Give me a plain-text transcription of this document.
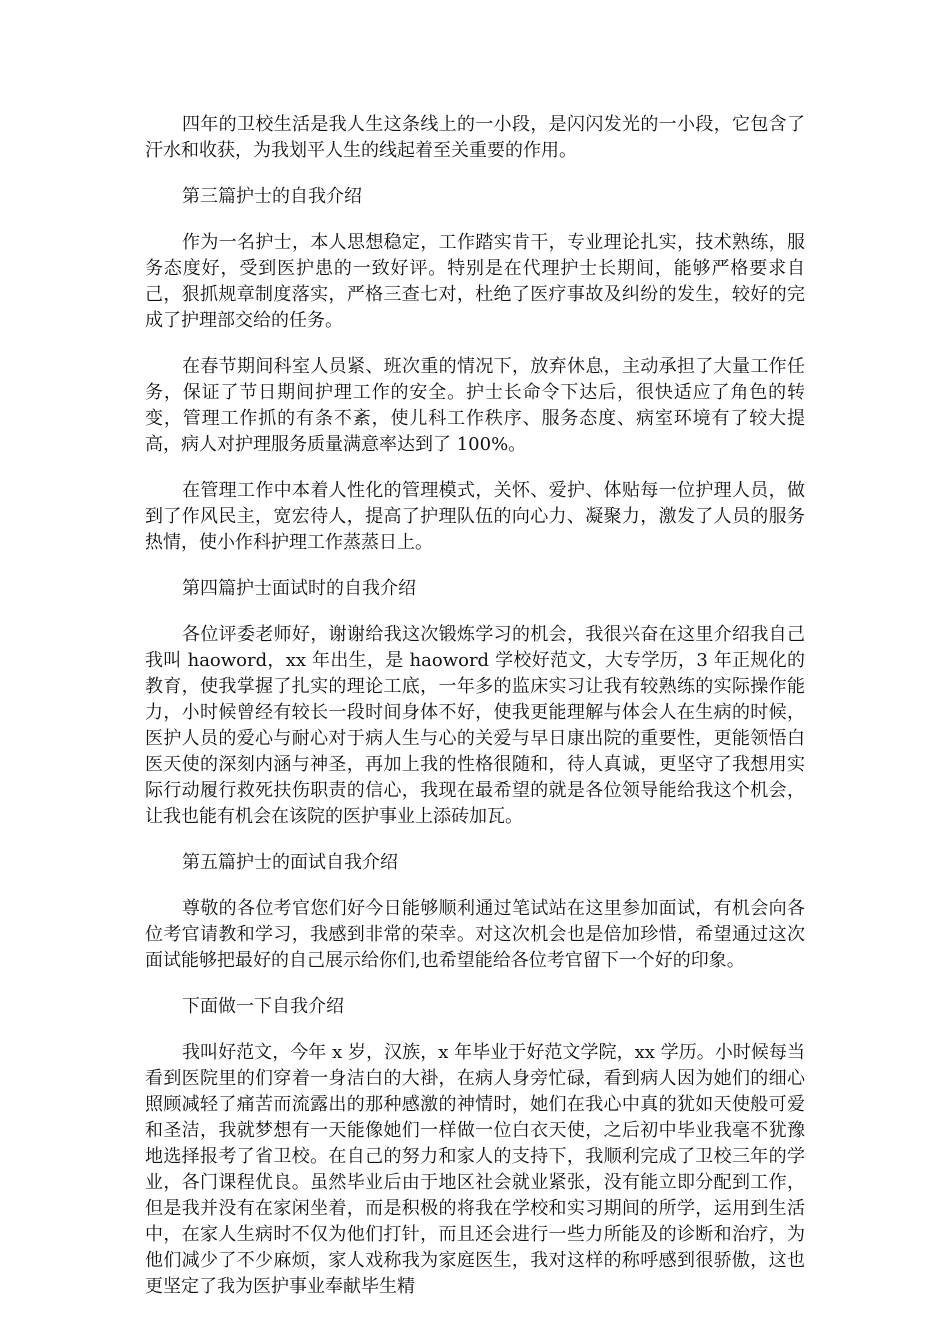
四年的卫校生活是我人生这条线上的一小段，是闪闪发光的一小段，它包含了汗水和收获，为我划平人生的线起着至关重要的作用。

第三篇护士的自我介绍

作为一名护士，本人思想稳定，工作踏实肯干，专业理论扎实，技术熟练，服务态度好，受到医护患的一致好评。特别是在代理护士长期间，能够严格要求自己，狠抓规章制度落实，严格三查七对，杜绝了医疗事故及纠纷的发生，较好的完成了护理部交给的任务。

在春节期间科室人员紧、班次重的情况下，放弃休息，主动承担了大量工作任务，保证了节日期间护理工作的安全。护士长命令下达后，很快适应了角色的转变，管理工作抓的有条不紊，使儿科工作秩序、服务态度、病室环境有了较大提高，病人对护理服务质量满意率达到了 100%。

在管理工作中本着人性化的管理模式，关怀、爱护、体贴每一位护理人员，做到了作风民主，宽宏待人，提高了护理队伍的向心力、凝聚力，激发了人员的服务热情，使小作科护理工作蒸蒸日上。

第四篇护士面试时的自我介绍

各位评委老师好，谢谢给我这次锻炼学习的机会，我很兴奋在这里介绍我自己我叫 haoword，xx 年出生，是 haoword 学校好范文，大专学历，3 年正规化的教育，使我掌握了扎实的理论工底，一年多的监床实习让我有较熟练的实际操作能力，小时候曾经有较长一段时间身体不好，使我更能理解与体会人在生病的时候，医护人员的爱心与耐心对于病人生与心的关爱与早日康出院的重要性，更能领悟白医天使的深刻内涵与神圣，再加上我的性格很随和，待人真诚，更坚守了我想用实际行动履行救死扶伤职责的信心，我现在最希望的就是各位领导能给我这个机会，让我也能有机会在该院的医护事业上添砖加瓦。

第五篇护士的面试自我介绍

尊敬的各位考官您们好今日能够顺利通过笔试站在这里参加面试，有机会向各位考官请教和学习，我感到非常的荣幸。对这次机会也是倍加珍惜，希望通过这次面试能够把最好的自己展示给你们,也希望能给各位考官留下一个好的印象。

下面做一下自我介绍

我叫好范文，今年 x 岁，汉族，x 年毕业于好范文学院，xx 学历。小时候每当看到医院里的们穿着一身洁白的大褂，在病人身旁忙碌，看到病人因为她们的细心照顾减轻了痛苦而流露出的那种感激的神情时，她们在我心中真的犹如天使般可爱和圣洁，我就梦想有一天能像她们一样做一位白衣天使，之后初中毕业我毫不犹豫地选择报考了省卫校。在自己的努力和家人的支持下，我顺利完成了卫校三年的学业，各门课程优良。虽然毕业后由于地区社会就业紧张，没有能立即分配到工作，但是我并没有在家闲坐着，而是积极的将我在学校和实习期间的所学，运用到生活中，在家人生病时不仅为他们打针，而且还会进行一些力所能及的诊断和治疗，为他们减少了不少麻烦，家人戏称我为家庭医生，我对这样的称呼感到很骄傲，这也更坚定了我为医护事业奉献毕生精
